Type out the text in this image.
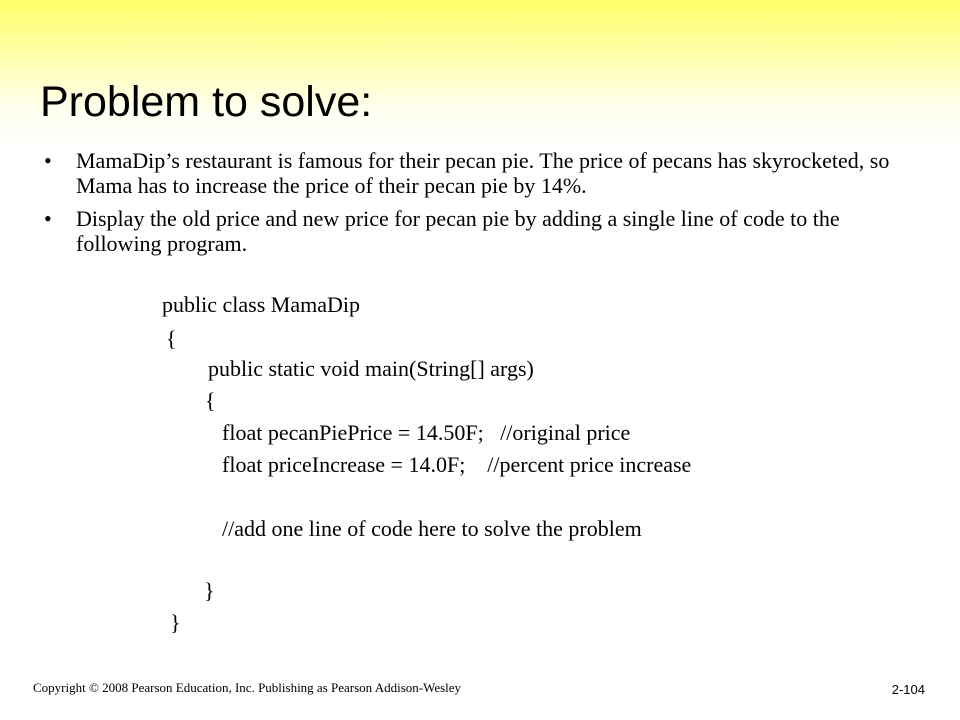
Problem to solve:
• MamaDip’s restaurant is famous for their pecan pie. The price of pecans has skyrocketed, so Mama has to increase the price of their pecan pie by 14%.
• Display the old price and new price for pecan pie by adding a single line of code to the following program.
public class MamaDip
{
public static void main(String[] args)
{
float pecanPiePrice = 14.50F;   //original price
float priceIncrease = 14.0F;    //percent price increase
//add one line of code here to solve the problem
}
}
Copyright © 2008 Pearson Education, Inc. Publishing as Pearson Addison-Wesley	2-104
